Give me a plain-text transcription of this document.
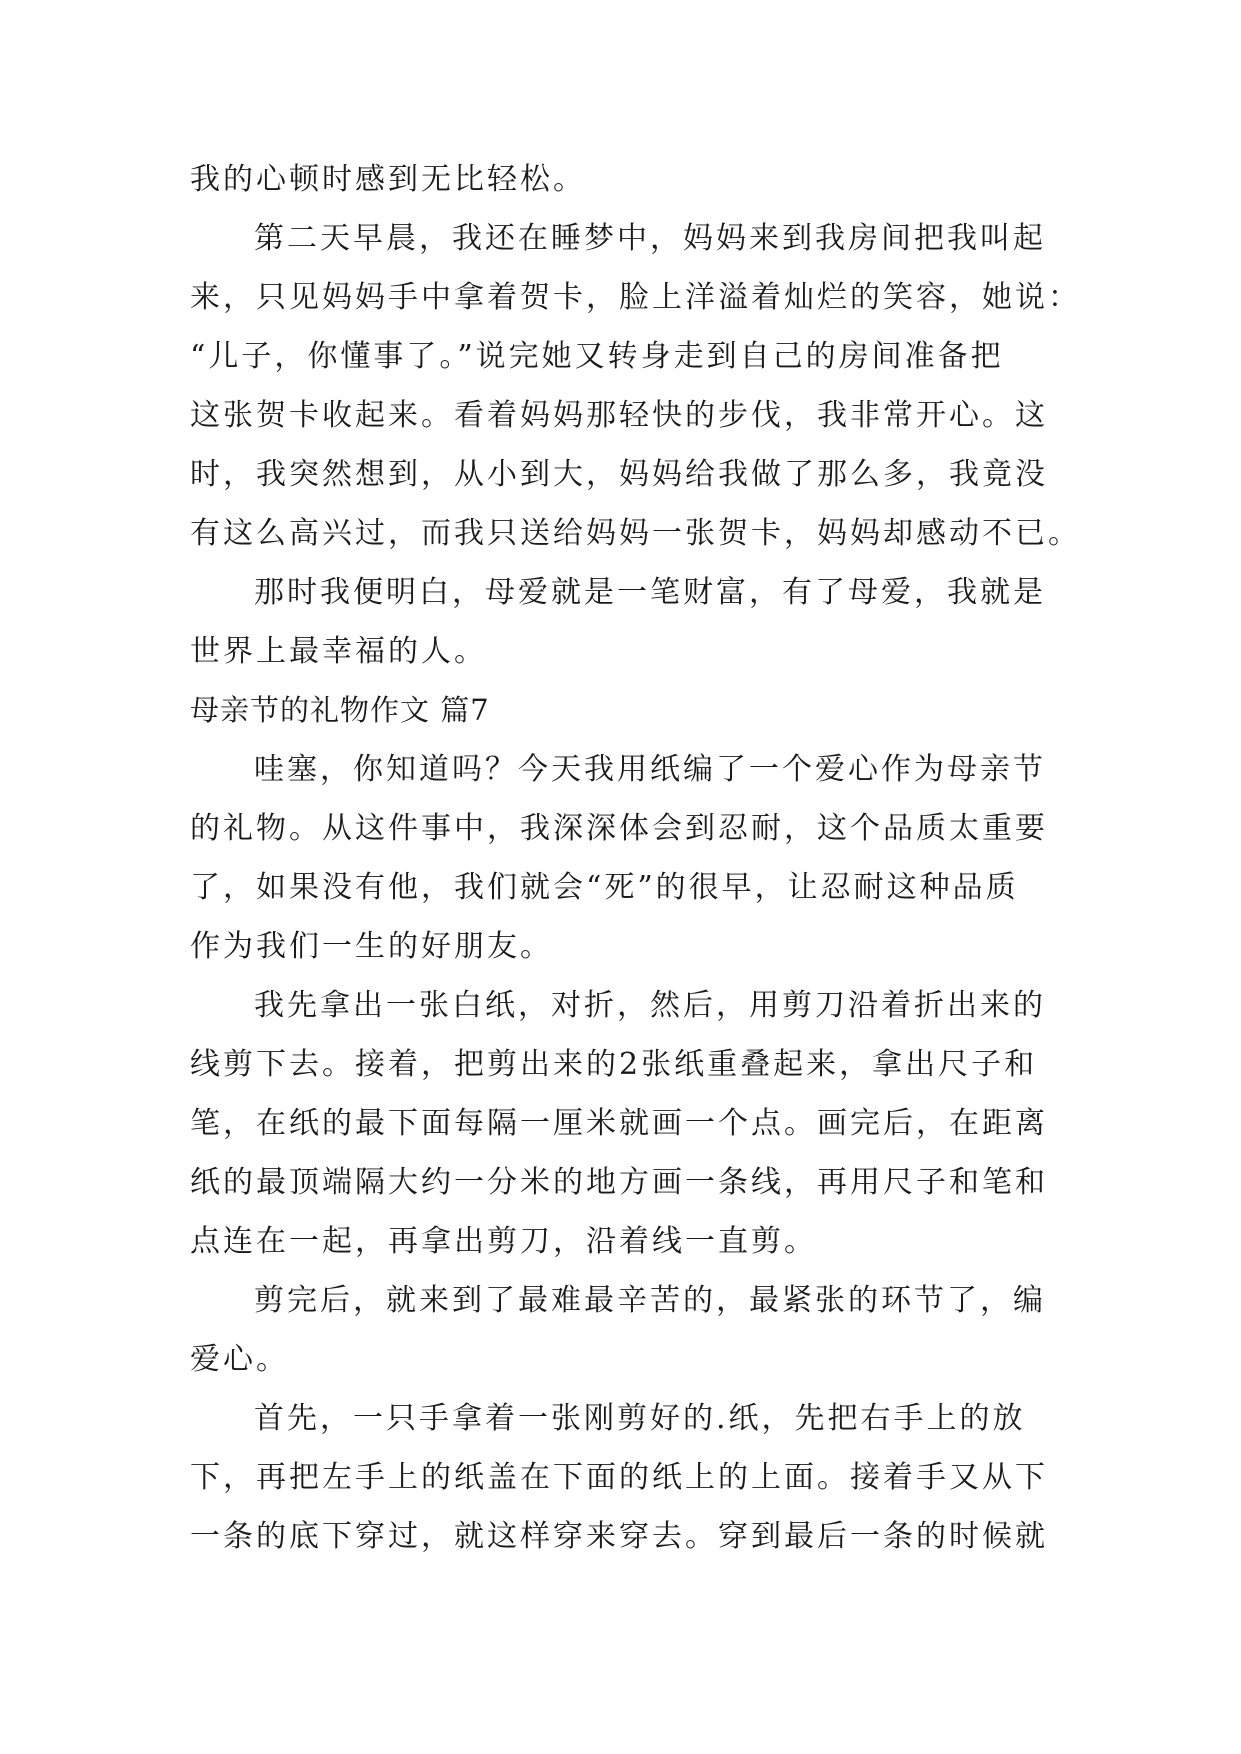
我的心顿时感到无比轻松。
第二天早晨，我还在睡梦中，妈妈来到我房间把我叫起
来，只见妈妈手中拿着贺卡，脸上洋溢着灿烂的笑容，她说：
“儿子，你懂事了。”说完她又转身走到自己的房间准备把
这张贺卡收起来。看着妈妈那轻快的步伐，我非常开心。这
时，我突然想到，从小到大，妈妈给我做了那么多，我竟没
有这么高兴过，而我只送给妈妈一张贺卡，妈妈却感动不已。
那时我便明白，母爱就是一笔财富，有了母爱，我就是
世界上最幸福的人。
母亲节的礼物作文 篇7
哇塞，你知道吗？今天我用纸编了一个爱心作为母亲节
的礼物。从这件事中，我深深体会到忍耐，这个品质太重要
了，如果没有他，我们就会“死”的很早，让忍耐这种品质
作为我们一生的好朋友。
我先拿出一张白纸，对折，然后，用剪刀沿着折出来的
线剪下去。接着，把剪出来的2张纸重叠起来，拿出尺子和
笔，在纸的最下面每隔一厘米就画一个点。画完后，在距离
纸的最顶端隔大约一分米的地方画一条线，再用尺子和笔和
点连在一起，再拿出剪刀，沿着线一直剪。
剪完后，就来到了最难最辛苦的，最紧张的环节了，编
爱心。
首先，一只手拿着一张刚剪好的.纸，先把右手上的放
下，再把左手上的纸盖在下面的纸上的上面。接着手又从下
一条的底下穿过，就这样穿来穿去。穿到最后一条的时候就
